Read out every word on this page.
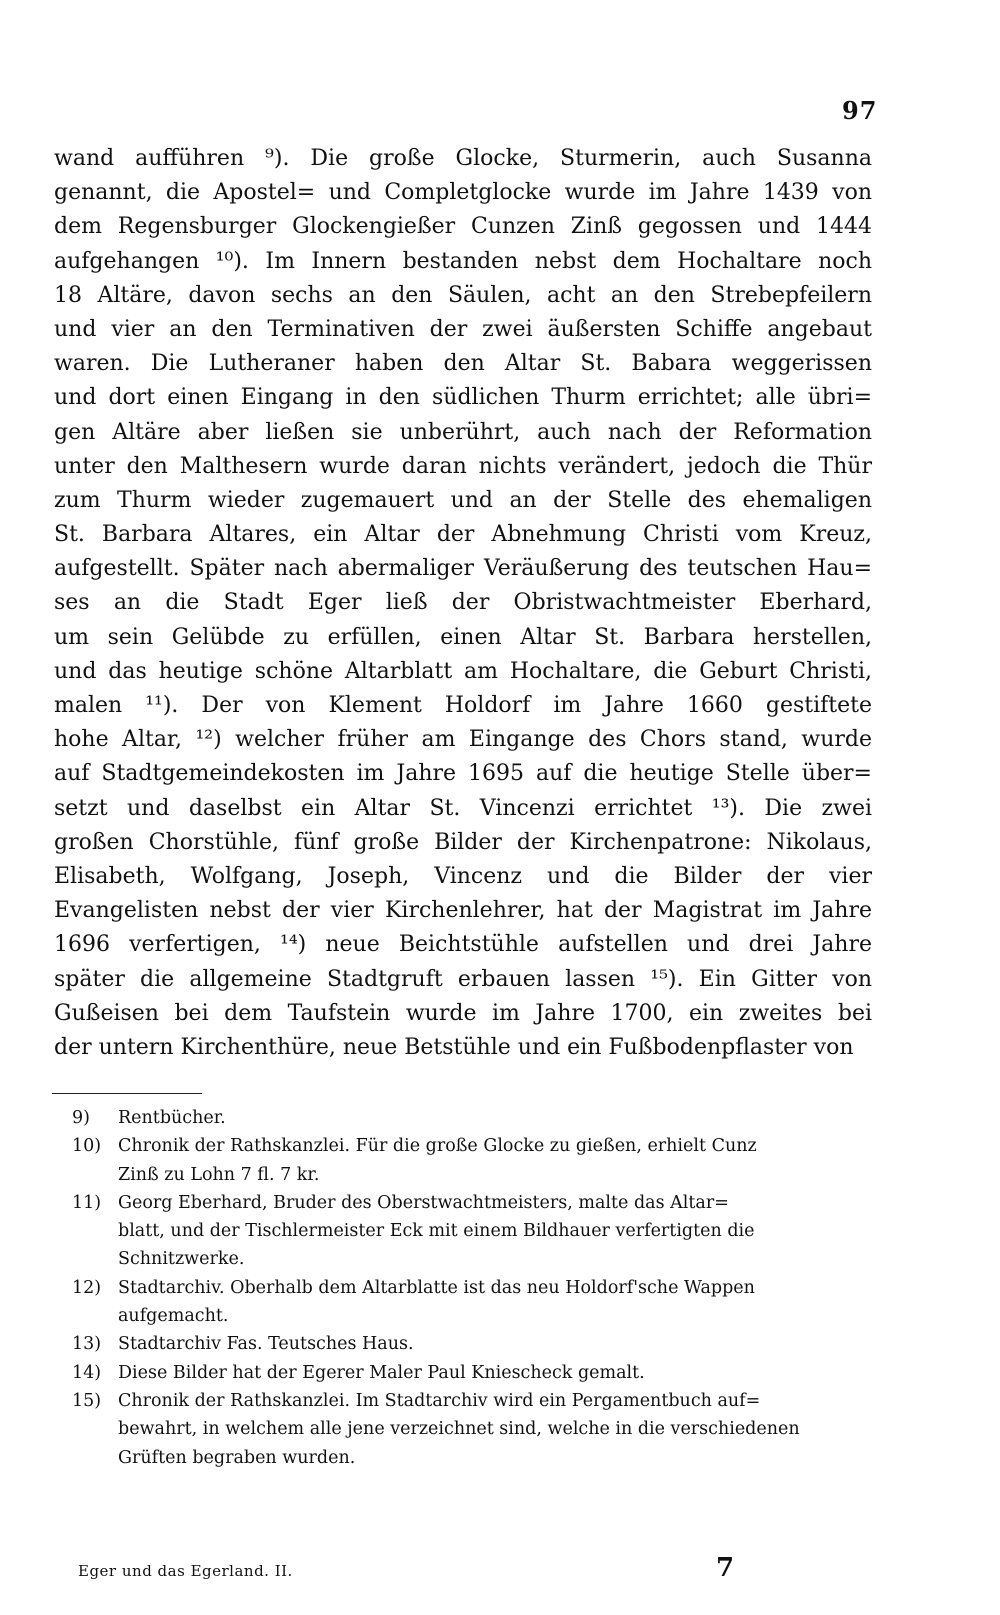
97
wand aufführen ⁹). Die große Glocke, Sturmerin, auch Susanna
genannt, die Apostel= und Completglocke wurde im Jahre 1439 von
dem Regensburger Glockengießer Cunzen Zinß gegossen und 1444
aufgehangen ¹⁰). Im Innern bestanden nebst dem Hochaltare noch
18 Altäre, davon sechs an den Säulen, acht an den Strebepfeilern
und vier an den Terminativen der zwei äußersten Schiffe angebaut
waren. Die Lutheraner haben den Altar St. Babara weggerissen
und dort einen Eingang in den südlichen Thurm errichtet; alle übri=
gen Altäre aber ließen sie unberührt, auch nach der Reformation
unter den Malthesern wurde daran nichts verändert, jedoch die Thür
zum Thurm wieder zugemauert und an der Stelle des ehemaligen
St. Barbara Altares, ein Altar der Abnehmung Christi vom Kreuz,
aufgestellt. Später nach abermaliger Veräußerung des teutschen Hau=
ses an die Stadt Eger ließ der Obristwachtmeister Eberhard,
um sein Gelübde zu erfüllen, einen Altar St. Barbara herstellen,
und das heutige schöne Altarblatt am Hochaltare, die Geburt Christi,
malen ¹¹). Der von Klement Holdorf im Jahre 1660 gestiftete
hohe Altar, ¹²) welcher früher am Eingange des Chors stand, wurde
auf Stadtgemeindekosten im Jahre 1695 auf die heutige Stelle über=
setzt und daselbst ein Altar St. Vincenzi errichtet ¹³). Die zwei
großen Chorstühle, fünf große Bilder der Kirchenpatrone: Nikolaus,
Elisabeth, Wolfgang, Joseph, Vincenz und die Bilder der vier
Evangelisten nebst der vier Kirchenlehrer, hat der Magistrat im Jahre
1696 verfertigen, ¹⁴) neue Beichtstühle aufstellen und drei Jahre
später die allgemeine Stadtgruft erbauen lassen ¹⁵). Ein Gitter von
Gußeisen bei dem Taufstein wurde im Jahre 1700, ein zweites bei
der untern Kirchenthüre, neue Betstühle und ein Fußbodenpflaster von
9) Rentbücher.
10) Chronik der Rathskanzlei. Für die große Glocke zu gießen, erhielt Cunz
Zinß zu Lohn 7 fl. 7 kr.
11) Georg Eberhard, Bruder des Oberstwachtmeisters, malte das Altar=
blatt, und der Tischlermeister Eck mit einem Bildhauer verfertigten die
Schnitzwerke.
12) Stadtarchiv. Oberhalb dem Altarblatte ist das neu Holdorf'sche Wappen
aufgemacht.
13) Stadtarchiv Fas. Teutsches Haus.
14) Diese Bilder hat der Egerer Maler Paul Kniescheck gemalt.
15) Chronik der Rathskanzlei. Im Stadtarchiv wird ein Pergamentbuch auf=
bewahrt, in welchem alle jene verzeichnet sind, welche in die verschiedenen
Grüften begraben wurden.
Eger und das Egerland. II.	7
